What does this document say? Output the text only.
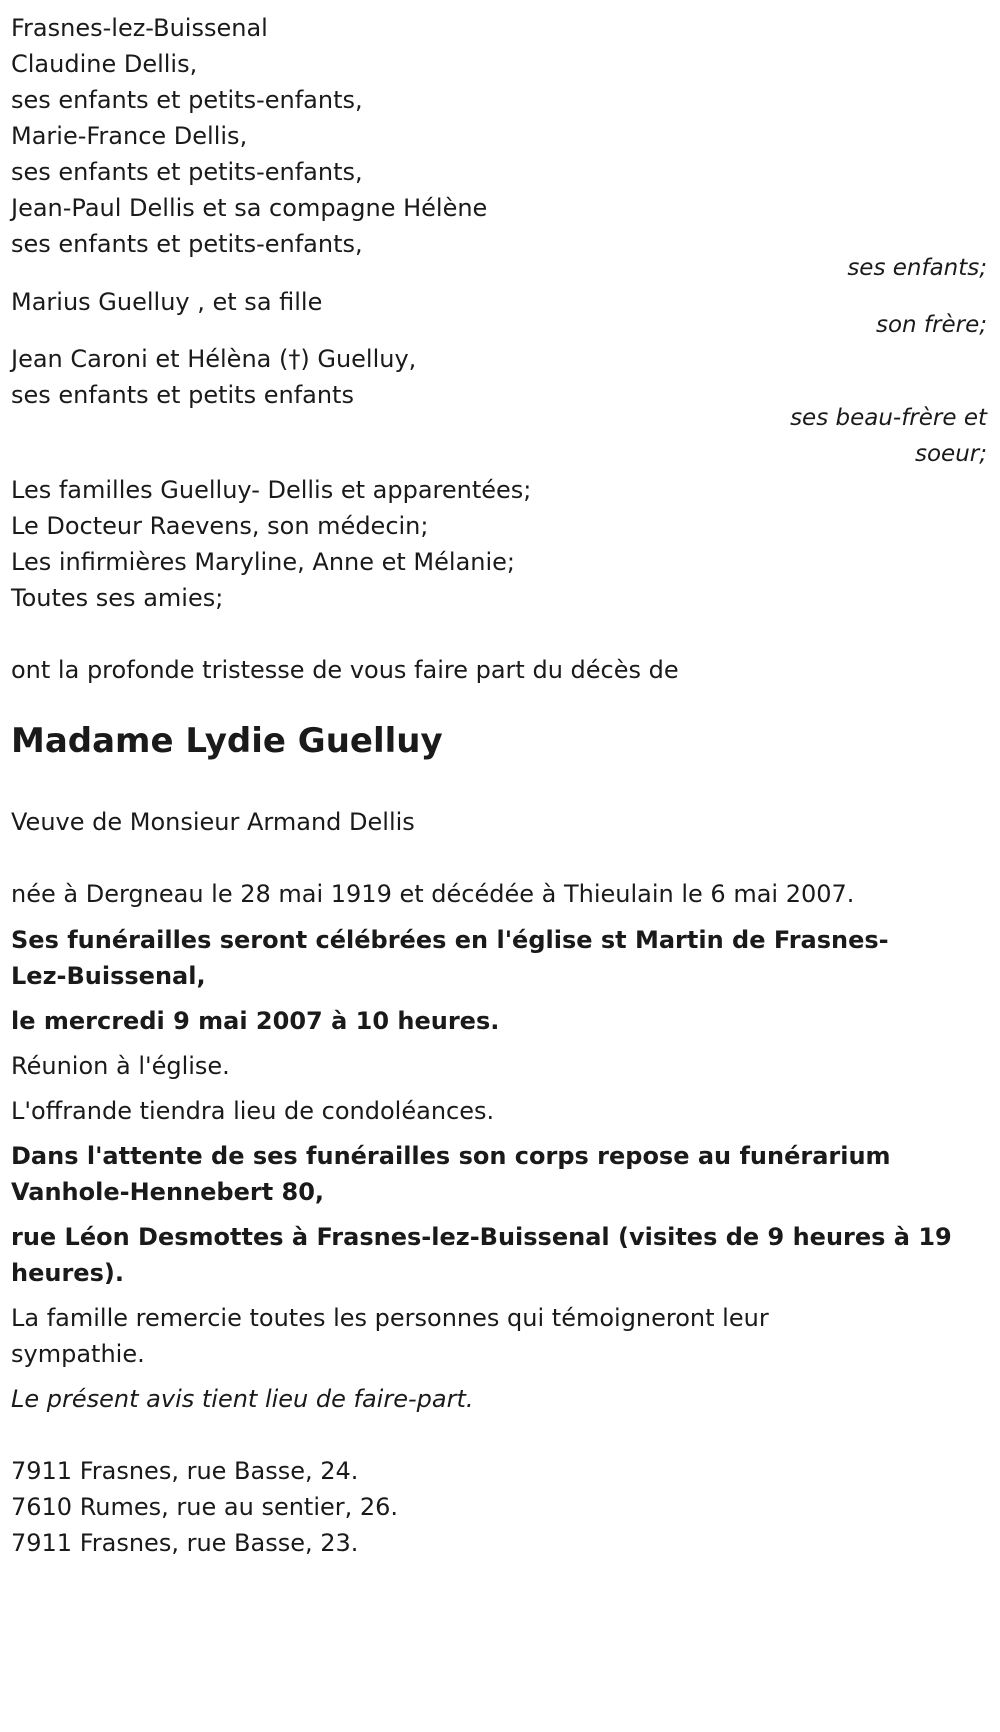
Frasnes-lez-Buissenal
Claudine Dellis,
ses enfants et petits-enfants,
Marie-France Dellis,
ses enfants et petits-enfants,
Jean-Paul Dellis et sa compagne Hélène
ses enfants et petits-enfants,
ses enfants;
Marius Guelluy , et sa fille
son frère;
Jean Caroni et Hélèna (†) Guelluy,
ses enfants et petits enfants
ses beau-frère et
soeur;
Les familles Guelluy- Dellis et apparentées;
Le Docteur Raevens, son médecin;
Les infirmières Maryline, Anne et Mélanie;
Toutes ses amies;
ont la profonde tristesse de vous faire part du décès de
Madame Lydie Guelluy
Veuve de Monsieur Armand Dellis
née à Dergneau le 28 mai 1919 et décédée à Thieulain le 6 mai 2007.
Ses funérailles seront célébrées en l'église st Martin de Frasnes-
Lez-Buissenal,
le mercredi 9 mai 2007 à 10 heures.
Réunion à l'église.
L'offrande tiendra lieu de condoléances.
Dans l'attente de ses funérailles son corps repose au funérarium
Vanhole-Hennebert 80,
rue Léon Desmottes à Frasnes-lez-Buissenal (visites de 9 heures à 19
heures).
La famille remercie toutes les personnes qui témoigneront leur
sympathie.
Le présent avis tient lieu de faire-part.
7911 Frasnes, rue Basse, 24.
7610 Rumes, rue au sentier, 26.
7911 Frasnes, rue Basse, 23.
